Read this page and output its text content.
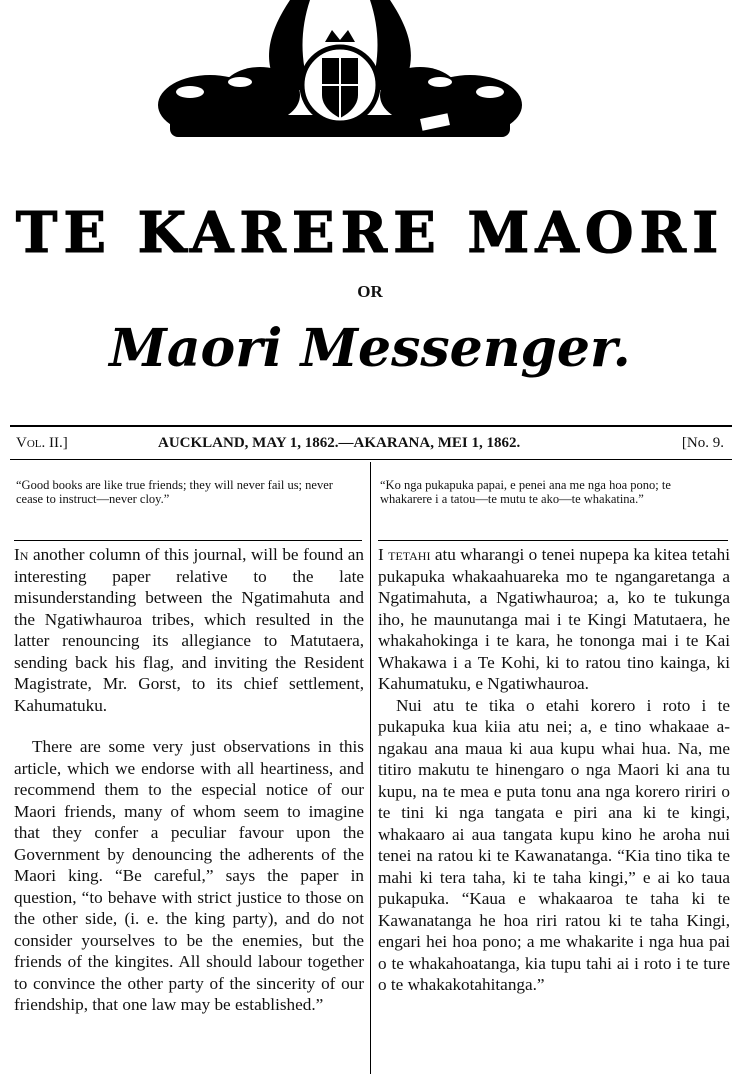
TE KARERE MAORI
OR
Maori Messenger.
Vol. II.]	AUCKLAND, MAY 1, 1862.—AKARANA, MEI 1, 1862.	[No. 9.
“Good books are like true friends; they will never fail us; never cease to instruct—never cloy.”
“Ko nga pukapuka papai, e penei ana me nga hoa pono; te whakarere i a tatou—te mutu te ako—te whakatina.”

In another column of this journal, will be found an interesting paper relative to the late misunderstanding between the Ngatimahuta and the Ngatiwhauroa tribes, which resulted in the latter renouncing its allegiance to Matutaera, sending back his flag, and inviting the Resident Magistrate, Mr. Gorst, to its chief settlement, Kahumatuku.

There are some very just observations in this article, which we endorse with all heartiness, and recommend them to the especial notice of our Maori friends, many of whom seem to imagine that they confer a peculiar favour upon the Government by denouncing the adherents of the Maori king. “Be careful,” says the paper in question, “to behave with strict justice to those on the other side, (i. e. the king party), and do not consider yourselves to be the enemies, but the friends of the kingites. All should labour together to convince the other party of the sincerity of our friendship, that one law may be established.”

I tetahi atu wharangi o tenei nupepa ka kitea tetahi pukapuka whakaahuareka mo te ngangaretanga a Ngatimahuta, a Ngatiwhauroa; a, ko te tukunga iho, he maunutanga mai i te Kingi Matutaera, he whakahokinga i te kara, he tononga mai i te Kai Whakawa i a Te Kohi, ki to ratou tino kainga, ki Kahumatuku, e Ngatiwhauroa.

Nui atu te tika o etahi korero i roto i te pukapuka kua kiia atu nei; a, e tino whakaae a-ngakau ana maua ki aua kupu whai hua. Na, me titiro makutu te hinengaro o nga Maori ki ana tu kupu, na te mea e puta tonu ana nga korero ririri o te tini ki nga tangata e piri ana ki te kingi, whakaaro ai aua tangata kupu kino he aroha nui tenei na ratou ki te Kawanatanga. “Kia tino tika te mahi ki tera taha, ki te taha kingi,” e ai ko taua pukapuka. “Kaua e whakaaroa te taha ki te Kawanatanga he hoa riri ratou ki te taha Kingi, engari hei hoa pono; a me whakarite i nga hua pai o te whakahoatanga, kia tupu tahi ai i roto i te ture o te whakakotahitanga.”
